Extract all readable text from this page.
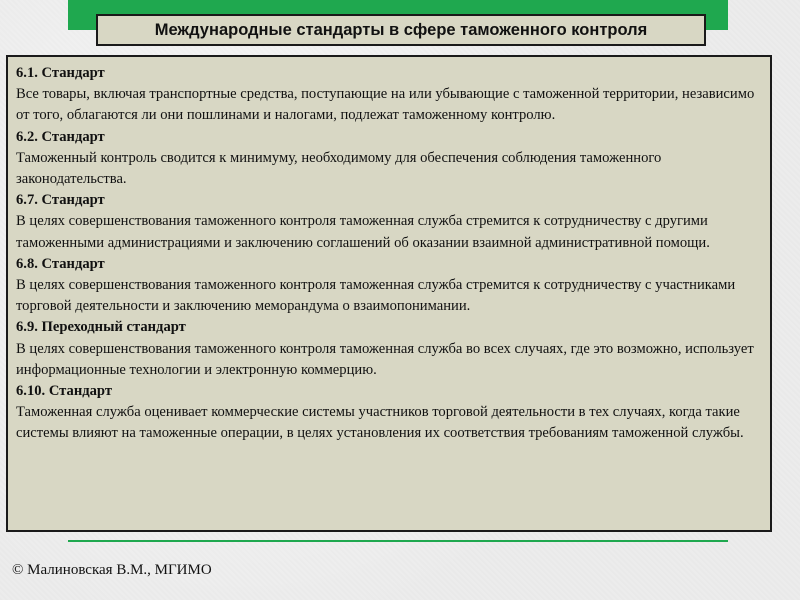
Международные стандарты в сфере таможенного контроля
6.1. Стандарт
Все товары, включая транспортные средства, поступающие на или убывающие с таможенной территории, независимо от того, облагаются ли они пошлинами и налогами, подлежат таможенному контролю.
6.2. Стандарт
Таможенный контроль сводится к минимуму, необходимому для обеспечения соблюдения таможенного законодательства.
6.7. Стандарт
В целях совершенствования таможенного контроля таможенная служба стремится к сотрудничеству с другими таможенными администрациями и заключению соглашений об оказании взаимной административной помощи.
6.8. Стандарт
В целях совершенствования таможенного контроля таможенная служба стремится к сотрудничеству с участниками торговой деятельности и заключению меморандума о взаимопонимании.
6.9. Переходный стандарт
В целях совершенствования таможенного контроля таможенная служба во всех случаях, где это возможно, использует информационные технологии и электронную коммерцию.
6.10. Стандарт
Таможенная служба оценивает коммерческие системы участников торговой деятельности в тех случаях, когда такие системы влияют на таможенные операции, в целях установления их соответствия требованиям таможенной службы.
© Малиновская В.М., МГИМО
